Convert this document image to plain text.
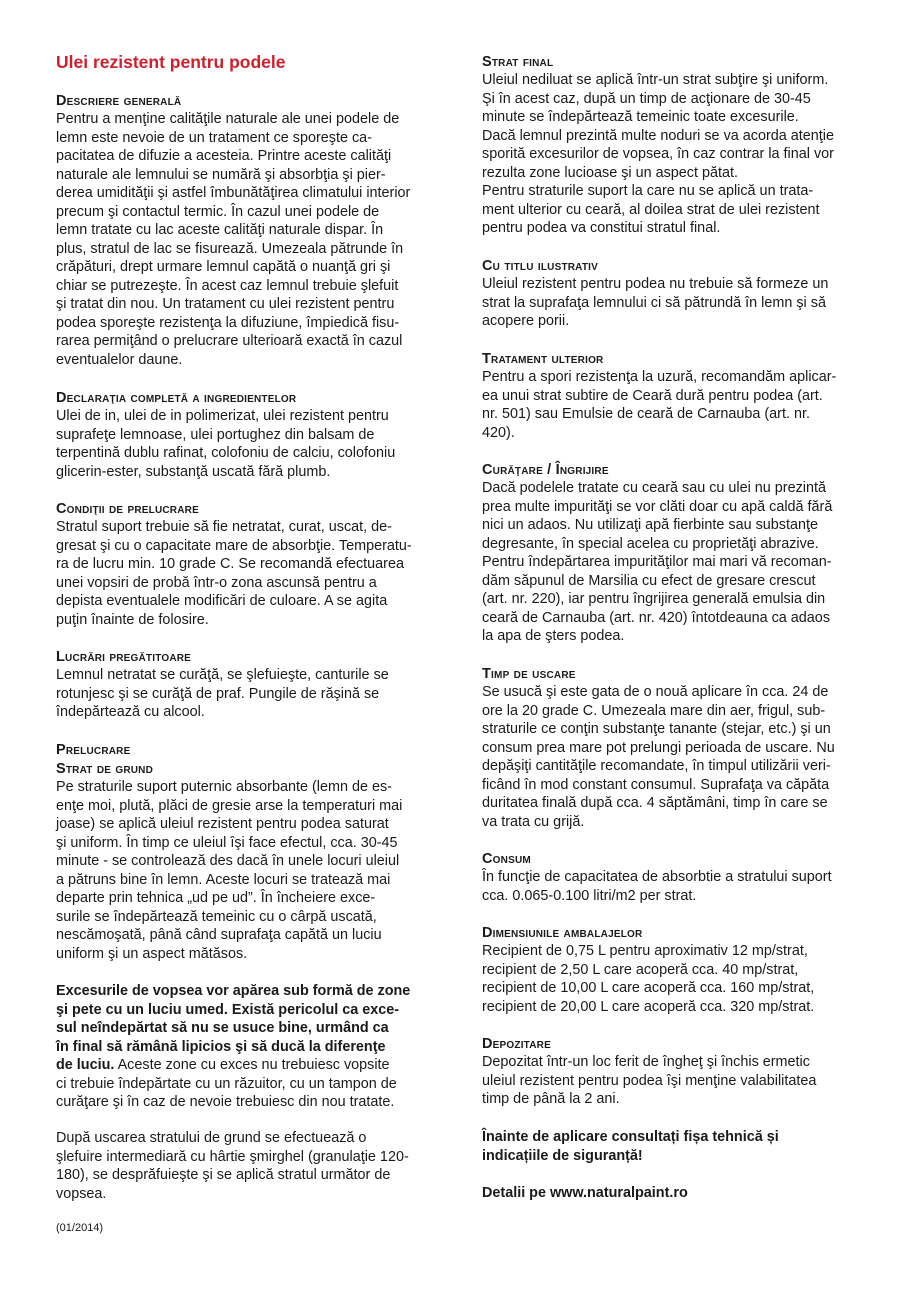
Ulei rezistent pentru podele
Descriere generală
Pentru a menţine calităţile naturale ale unei podele de
lemn este nevoie de un tratament ce sporeşte ca-
pacitatea de difuzie a acesteia. Printre aceste calităţi
naturale ale lemnului se numără şi absorbţia şi pier-
derea umidităţii şi astfel îmbunătăţirea climatului interior
precum şi contactul termic. În cazul unei podele de
lemn tratate cu lac aceste calităţi naturale dispar. În
plus, stratul de lac se fisurează. Umezeala pătrunde în
crăpături, drept urmare lemnul capătă o nuanţă gri şi
chiar se putrezeşte. În acest caz lemnul trebuie şlefuit
şi tratat din nou. Un tratament cu ulei rezistent pentru
podea sporeşte rezistenţa la difuziune, împiedică fisu-
rarea permiţând o prelucrare ulterioară exactă în cazul
eventualelor daune.
Declaraţia completă a ingredientelor
Ulei de in, ulei de in polimerizat, ulei rezistent pentru
suprafeţe lemnoase, ulei portughez din balsam de
terpentină dublu rafinat, colofoniu de calciu, colofoniu
glicerin-ester, substanţă uscată fără plumb.
Condiţii de prelucrare
Stratul suport trebuie să fie netratat, curat, uscat, de-
gresat şi cu o capacitate mare de absorbţie. Temperatu-
ra de lucru min. 10 grade C. Se recomandă efectuarea
unei vopsiri de probă într-o zona ascunsă pentru a
depista eventualele modificări de culoare. A se agita
puţin înainte de folosire.
Lucrări pregătitoare
Lemnul netratat se curăţă, se şlefuieşte, canturile se
rotunjesc şi se curăţă de praf. Pungile de răşină se
îndepărtează cu alcool.
Prelucrare
Strat de grund
Pe straturile suport puternic absorbante (lemn de es-
enţe moi, plută, plăci de gresie arse la temperaturi mai
joase) se aplică uleiul rezistent pentru podea saturat
şi uniform. În timp ce uleiul îşi face efectul, cca. 30-45
minute - se controlează des dacă în unele locuri uleiul
a pătruns bine în lemn. Aceste locuri se tratează mai
departe prin tehnica „ud pe ud”. În încheiere exce-
surile se îndepărtează temeinic cu o cârpă uscată,
nescămoşată, până când suprafaţa capătă un luciu
uniform şi un aspect mătăsos.
Excesurile de vopsea vor apărea sub formă de zone
şi pete cu un luciu umed. Există pericolul ca exce-
sul neîndepărtat să nu se usuce bine, urmând ca
în final să rămână lipicios şi să ducă la diferenţe
de luciu. Aceste zone cu exces nu trebuiesc vopsite
ci trebuie îndepărtate cu un răzuitor, cu un tampon de
curăţare şi în caz de nevoie trebuiesc din nou tratate.
După uscarea stratului de grund se efectuează o
şlefuire intermediară cu hârtie şmirghel (granulaţie 120-
180), se desprăfuieşte şi se aplică stratul următor de
vopsea.
(01/2014)
Strat final
Uleiul nediluat se aplică într-un strat subţire şi uniform.
Şi în acest caz, după un timp de acţionare de 30-45
minute se îndepărtează temeinic toate excesurile.
Dacă lemnul prezintă multe noduri se va acorda atenţie
sporită excesurilor de vopsea, în caz contrar la final vor
rezulta zone lucioase şi un aspect pătat.
Pentru straturile suport la care nu se aplică un trata-
ment ulterior cu ceară, al doilea strat de ulei rezistent
pentru podea va constitui stratul final.
Cu titlu ilustrativ
Uleiul rezistent pentru podea nu trebuie să formeze un
strat la suprafaţa lemnului ci să pătrundă în lemn şi să
acopere porii.
Tratament ulterior
Pentru a spori rezistenţa la uzură, recomandăm aplicar-
ea unui strat subtire de Ceară dură pentru podea (art.
nr. 501) sau Emulsie de ceară de Carnauba (art. nr.
420).
Curăţare / Îngrijire
Dacă podelele tratate cu ceară sau cu ulei nu prezintă
prea multe impurităţi se vor clăti doar cu apă caldă fără
nici un adaos. Nu utilizaţi apă fierbinte sau substanţe
degresante, în special acelea cu proprietăţi abrazive.
Pentru îndepărtarea impurităţilor mai mari vă recoman-
dăm săpunul de Marsilia cu efect de gresare crescut
(art. nr. 220), iar pentru îngrijirea generală emulsia din
ceară de Carnauba (art. nr. 420) întotdeauna ca adaos
la apa de şters podea.
Timp de uscare
Se usucă şi este gata de o nouă aplicare în cca. 24 de
ore la 20 grade C. Umezeala mare din aer, frigul, sub-
straturile ce conţin substanţe tanante (stejar, etc.) şi un
consum prea mare pot prelungi perioada de uscare. Nu
depăşiţi cantităţile recomandate, în timpul utilizării veri-
ficând în mod constant consumul. Suprafaţa va căpăta
duritatea finală după cca. 4 săptămâni, timp în care se
va trata cu grijă.
Consum
În funcţie de capacitatea de absorbtie a stratului suport
cca. 0.065-0.100 litri/m2 per strat.
Dimensiunile ambalajelor
Recipient de 0,75 L pentru aproximativ 12 mp/strat,
recipient de 2,50 L care acoperă cca. 40 mp/strat,
recipient de 10,00 L care acoperă cca. 160 mp/strat,
recipient de 20,00 L care acoperă cca. 320 mp/strat.
Depozitare
Depozitat într-un loc ferit de îngheţ şi închis ermetic
uleiul rezistent pentru podea îşi menţine valabilitatea
timp de până la 2 ani.
Înainte de aplicare consultați fișa tehnică și
indicațiile de siguranță!
Detalii pe www.naturalpaint.ro
